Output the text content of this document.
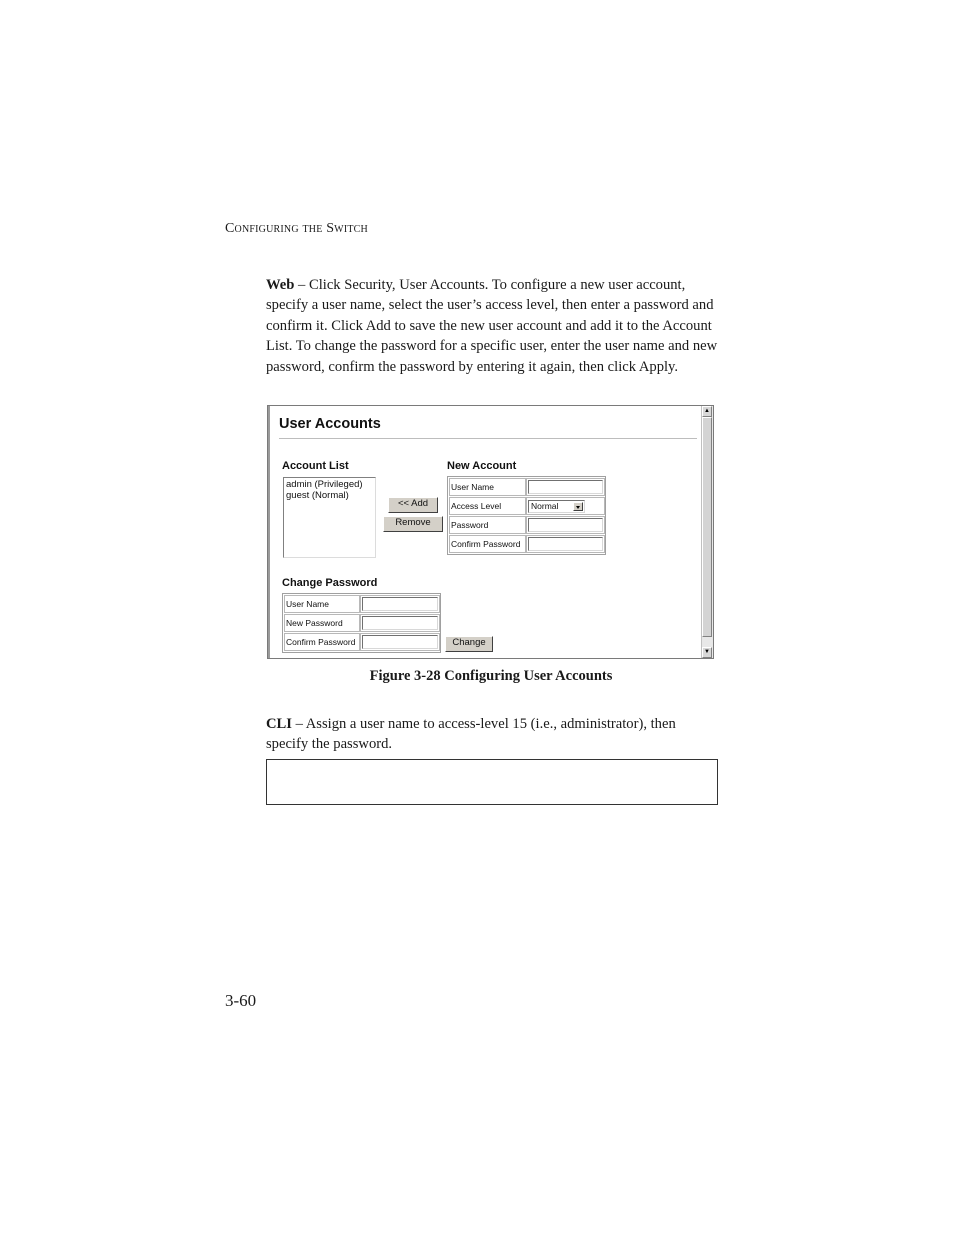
Configuring the Switch
Web – Click Security, User Accounts. To configure a new user account, specify a user name, select the user’s access level, then enter a password and confirm it. Click Add to save the new user account and add it to the Account List. To change the password for a specific user, enter the user name and new password, confirm the password by entering it again, then click Apply.
User Accounts
Account List
admin (Privileged)
guest (Normal)
<< Add
Remove
New Account
User Name
Access Level	Normal
Password
Confirm Password
Change Password
User Name
New Password
Confirm Password	Change
▲
▼
Figure 3-28 Configuring User Accounts
CLI – Assign a user name to access-level 15 (i.e., administrator), then specify the password.
3-60
